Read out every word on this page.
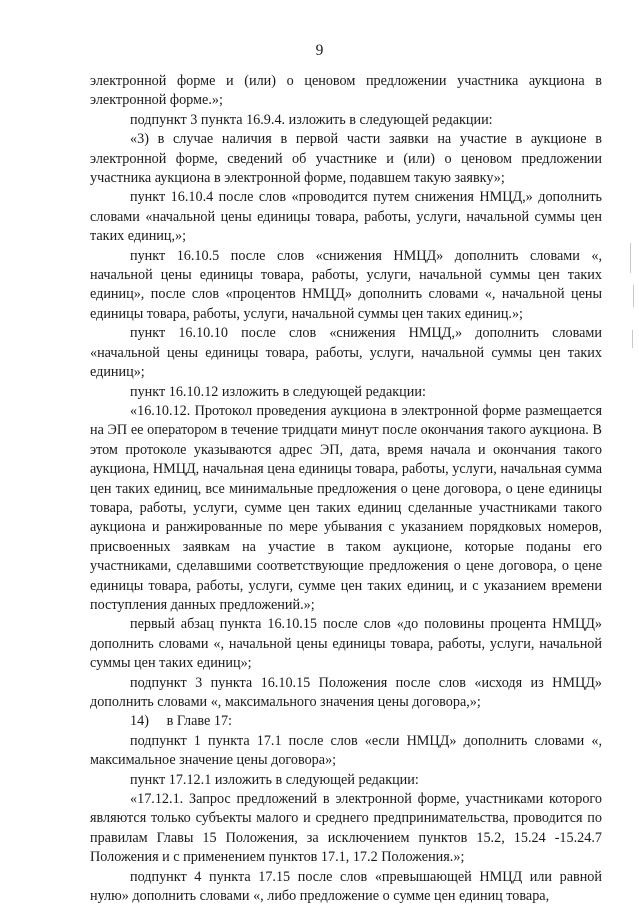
9

электронной форме и (или) о ценовом предложении участника аукциона в электронной форме.»;

подпункт 3 пункта 16.9.4. изложить в следующей редакции:

«3) в случае наличия в первой части заявки на участие в аукционе в электронной форме, сведений об участнике и (или) о ценовом предложении участника аукциона в электронной форме, подавшем такую заявку»;

пункт 16.10.4 после слов «проводится путем снижения НМЦД,» дополнить словами «начальной цены единицы товара, работы, услуги, начальной суммы цен таких единиц,»;

пункт 16.10.5 после слов «снижения НМЦД» дополнить словами «, начальной цены единицы товара, работы, услуги, начальной суммы цен таких единиц», после слов «процентов НМЦД» дополнить словами «, начальной цены единицы товара, работы, услуги, начальной суммы цен таких единиц.»;

пункт 16.10.10 после слов «снижения НМЦД,» дополнить словами «начальной цены единицы товара, работы, услуги, начальной суммы цен таких единиц»;

пункт 16.10.12 изложить в следующей редакции:

«16.10.12. Протокол проведения аукциона в электронной форме размещается на ЭП ее оператором в течение тридцати минут после окончания такого аукциона. В этом протоколе указываются адрес ЭП, дата, время начала и окончания такого аукциона, НМЦД, начальная цена единицы товара, работы, услуги, начальная сумма цен таких единиц, все минимальные предложения о цене договора, о цене единицы товара, работы, услуги, сумме цен таких единиц сделанные участниками такого аукциона и ранжированные по мере убывания с указанием порядковых номеров, присвоенных заявкам на участие в таком аукционе, которые поданы его участниками, сделавшими соответствующие предложения о цене договора, о цене единицы товара, работы, услуги, сумме цен таких единиц, и с указанием времени поступления данных предложений.»;

первый абзац пункта 16.10.15 после слов «до половины процента НМЦД» дополнить словами «, начальной цены единицы товара, работы, услуги, начальной суммы цен таких единиц»;

подпункт 3 пункта 16.10.15 Положения после слов «исходя из НМЦД» дополнить словами «, максимального значения цены договора,»;

14)     в Главе 17:

подпункт 1 пункта 17.1 после слов «если НМЦД» дополнить словами «, максимальное значение цены договора»;

пункт 17.12.1 изложить в следующей редакции:

«17.12.1. Запрос предложений в электронной форме, участниками которого являются только субъекты малого и среднего предпринимательства, проводится по правилам Главы 15 Положения, за исключением пунктов 15.2, 15.24 -15.24.7 Положения и с применением пунктов 17.1, 17.2 Положения.»;

подпункт 4 пункта 17.15 после слов «превышающей НМЦД или равной нулю» дополнить словами «, либо предложение о сумме цен единиц товара,
